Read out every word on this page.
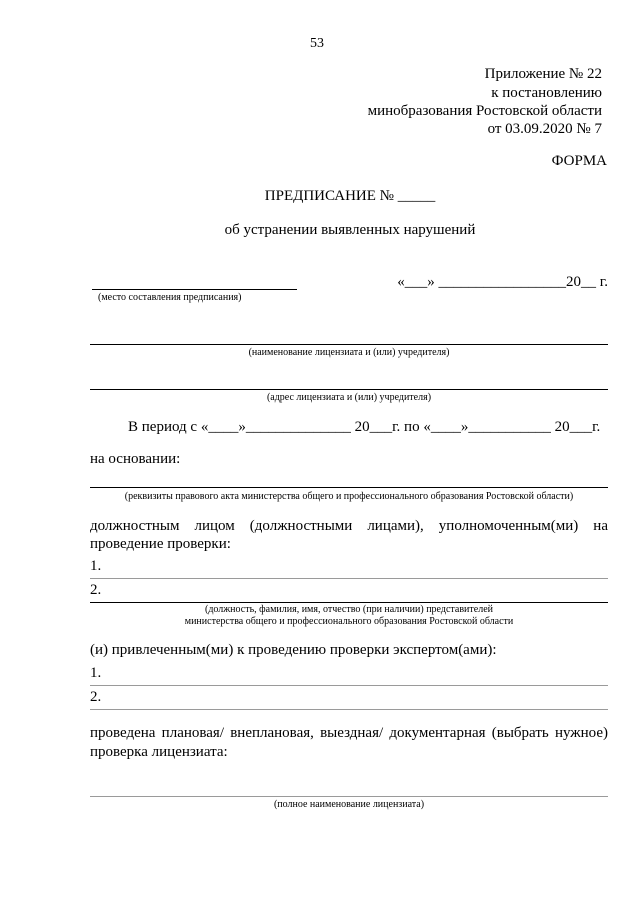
53
Приложение № 22
к постановлению
минобразования Ростовской области
от 03.09.2020 № 7
ФОРМА
ПРЕДПИСАНИЕ № _____
об устранении выявленных нарушений
(место составления предписания)
«___» _________________20__ г.
(наименование лицензиата и (или) учредителя)
(адрес лицензиата и (или) учредителя)
В период с «____»______________ 20___г. по «____»___________ 20___г.
на основании:
(реквизиты правового акта министерства общего и профессионального образования Ростовской области)
должностным лицом (должностными лицами), уполномоченным(ми) на
проведение проверки:
1.
2.
(должность, фамилия, имя, отчество (при наличии) представителей
министерства общего и профессионального образования Ростовской области
(и) привлеченным(ми) к проведению проверки экспертом(ами):
1.
2.
проведена плановая/ внеплановая, выездная/ документарная (выбрать нужное)
проверка лицензиата:
(полное наименование лицензиата)
